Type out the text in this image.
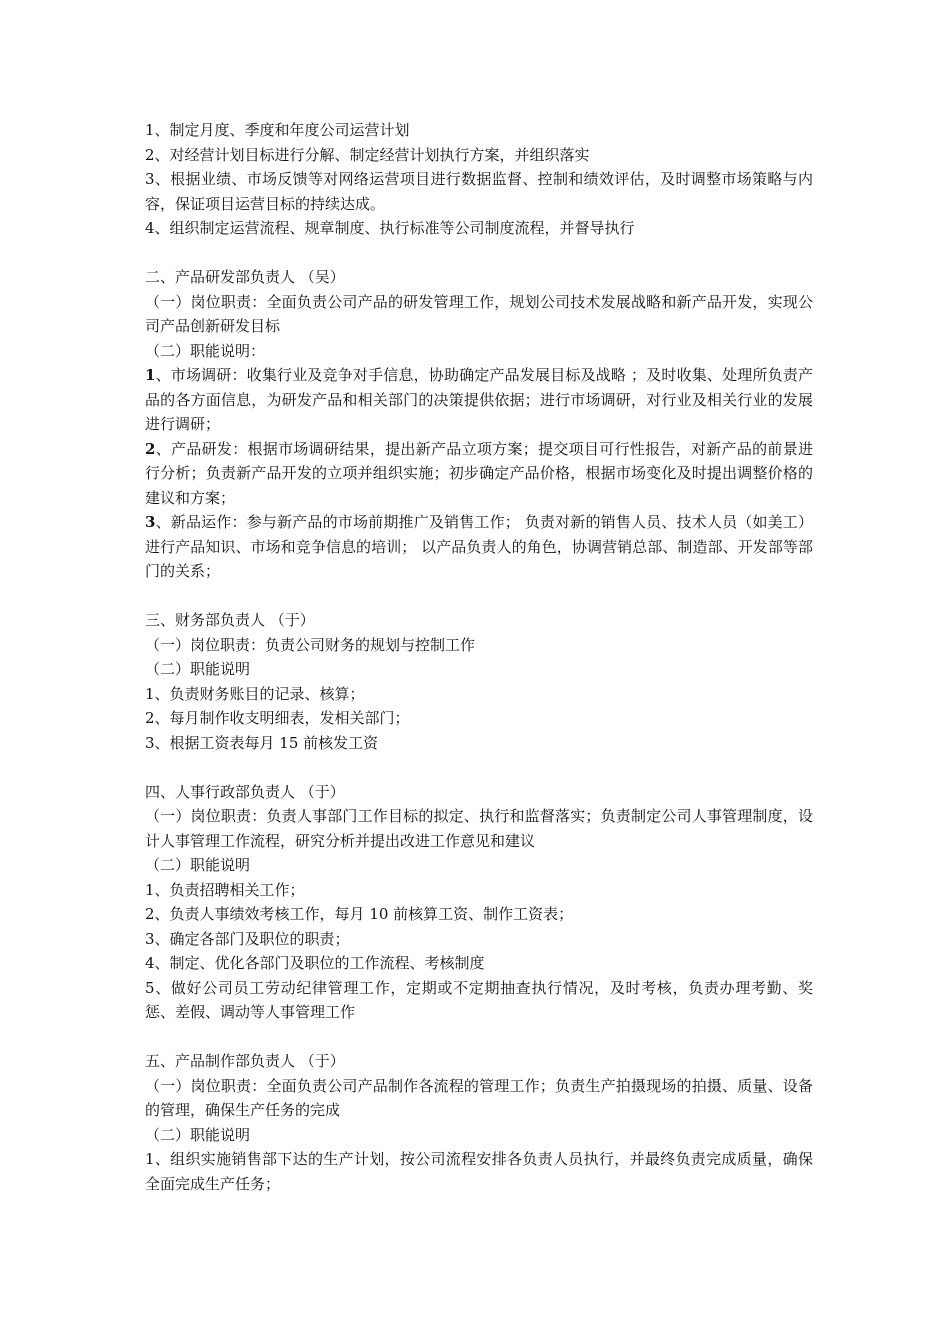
1、制定月度、季度和年度公司运营计划

2、对经营计划目标进行分解、制定经营计划执行方案，并组织落实

3、根据业绩、市场反馈等对网络运营项目进行数据监督、控制和绩效评估，及时调整市场策略与内容，保证项目运营目标的持续达成。

4、组织制定运营流程、规章制度、执行标准等公司制度流程，并督导执行

二、产品研发部负责人 （吴）

（一）岗位职责：全面负责公司产品的研发管理工作，规划公司技术发展战略和新产品开发，实现公司产品创新研发目标

（二）职能说明：

1、市场调研：收集行业及竞争对手信息，协助确定产品发展目标及战略 ；及时收集、处理所负责产品的各方面信息，为研发产品和相关部门的决策提供依据；进行市场调研，对行业及相关行业的发展进行调研；

2、产品研发：根据市场调研结果，提出新产品立项方案；提交项目可行性报告，对新产品的前景进行分析；负责新产品开发的立项并组织实施；初步确定产品价格，根据市场变化及时提出调整价格的建议和方案；

3、新品运作：参与新产品的市场前期推广及销售工作； 负责对新的销售人员、技术人员（如美工）进行产品知识、市场和竞争信息的培训； 以产品负责人的角色，协调营销总部、制造部、开发部等部门的关系；

三、财务部负责人 （于）

（一）岗位职责：负责公司财务的规划与控制工作

（二）职能说明

1、负责财务账目的记录、核算；

2、每月制作收支明细表，发相关部门；

3、根据工资表每月 15 前核发工资

四、人事行政部负责人 （于）

（一）岗位职责：负责人事部门工作目标的拟定、执行和监督落实；负责制定公司人事管理制度，设计人事管理工作流程，研究分析并提出改进工作意见和建议

（二）职能说明

1、负责招聘相关工作；

2、负责人事绩效考核工作，每月 10 前核算工资、制作工资表；

3、确定各部门及职位的职责；

4、制定、优化各部门及职位的工作流程、考核制度

5、做好公司员工劳动纪律管理工作，定期或不定期抽查执行情况，及时考核，负责办理考勤、奖惩、差假、调动等人事管理工作

五、产品制作部负责人 （于）

（一）岗位职责：全面负责公司产品制作各流程的管理工作；负责生产拍摄现场的拍摄、质量、设备的管理，确保生产任务的完成

（二）职能说明

1、组织实施销售部下达的生产计划，按公司流程安排各负责人员执行，并最终负责完成质量，确保全面完成生产任务；
